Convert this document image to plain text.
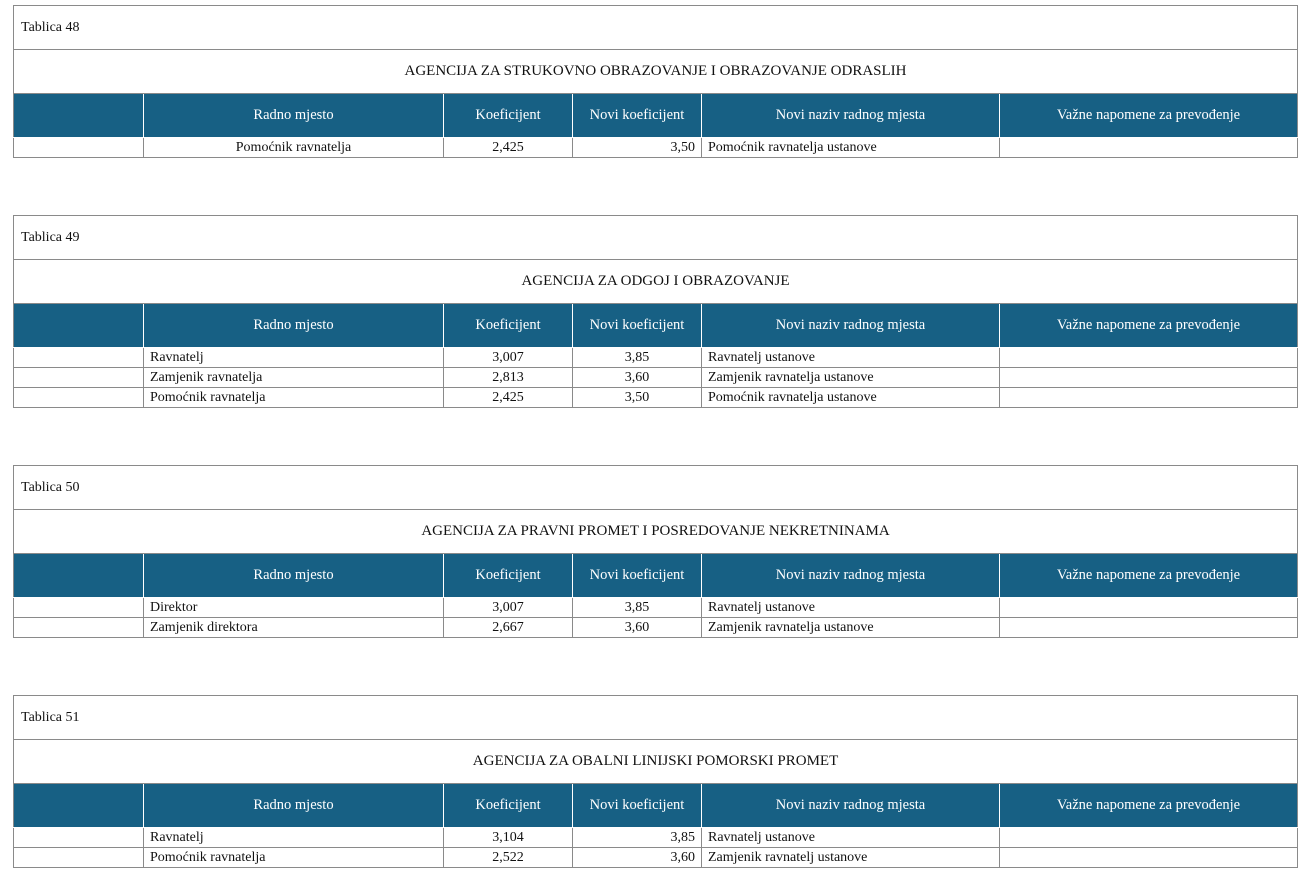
Tablica 48					
AGENCIJA ZA STRUKOVNO OBRAZOVANJE I OBRAZOVANJE ODRASLIH					
	Radno mjesto	Koeficijent	Novi koeficijent	Novi naziv radnog mjesta	Važne napomene za prevođenje
	Pomoćnik ravnatelja	2,425	3,50	Pomoćnik ravnatelja ustanove	
Tablica 49					
AGENCIJA ZA ODGOJ I OBRAZOVANJE					
	Radno mjesto	Koeficijent	Novi koeficijent	Novi naziv radnog mjesta	Važne napomene za prevođenje
	Ravnatelj	3,007	3,85	Ravnatelj ustanove	
	Zamjenik ravnatelja	2,813	3,60	Zamjenik ravnatelja ustanove	
	Pomoćnik ravnatelja	2,425	3,50	Pomoćnik ravnatelja ustanove	
Tablica 50					
AGENCIJA ZA PRAVNI PROMET I POSREDOVANJE NEKRETNINAMA					
	Radno mjesto	Koeficijent	Novi koeficijent	Novi naziv radnog mjesta	Važne napomene za prevođenje
	Direktor	3,007	3,85	Ravnatelj ustanove	
	Zamjenik direktora	2,667	3,60	Zamjenik ravnatelja ustanove	
Tablica 51					
AGENCIJA ZA OBALNI LINIJSKI POMORSKI PROMET					
	Radno mjesto	Koeficijent	Novi koeficijent	Novi naziv radnog mjesta	Važne napomene za prevođenje
	Ravnatelj	3,104	3,85	Ravnatelj ustanove	
	Pomoćnik ravnatelja	2,522	3,60	Zamjenik ravnatelj ustanove	
